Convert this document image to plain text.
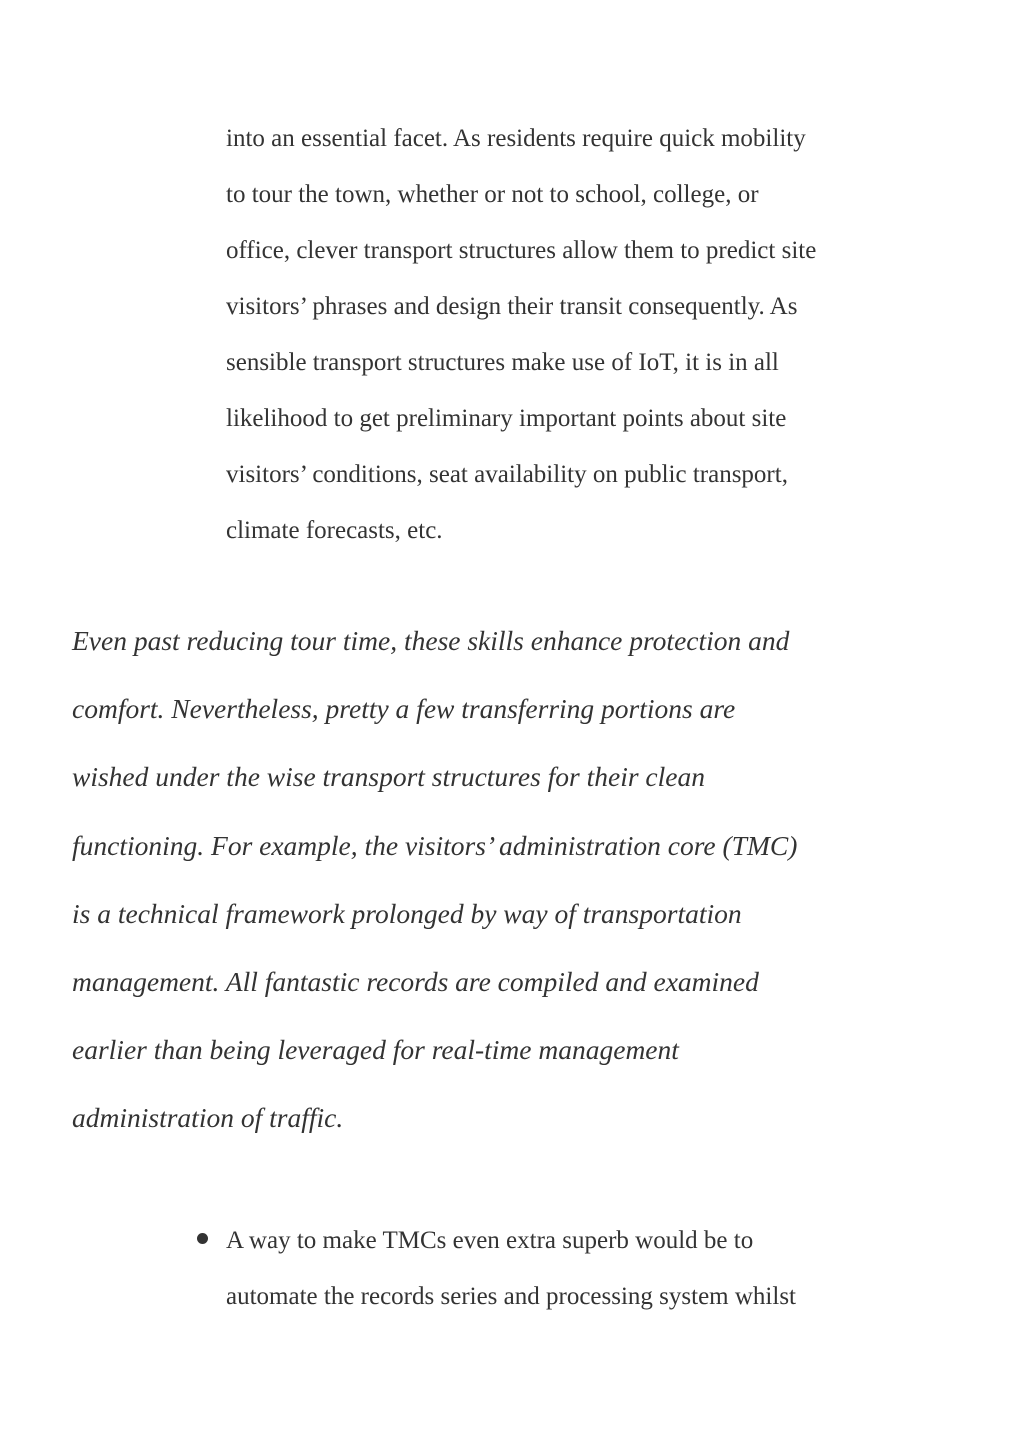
into an essential facet. As residents require quick mobility
to tour the town, whether or not to school, college, or
office, clever transport structures allow them to predict site
visitors’ phrases and design their transit consequently. As
sensible transport structures make use of IoT, it is in all
likelihood to get preliminary important points about site
visitors’ conditions, seat availability on public transport,
climate forecasts, etc.

Even past reducing tour time, these skills enhance protection and
comfort. Nevertheless, pretty a few transferring portions are
wished under the wise transport structures for their clean
functioning. For example, the visitors’ administration core (TMC)
is a technical framework prolonged by way of transportation
management. All fantastic records are compiled and examined
earlier than being leveraged for real-time management
administration of traffic.

A way to make TMCs even extra superb would be to
automate the records series and processing system whilst
